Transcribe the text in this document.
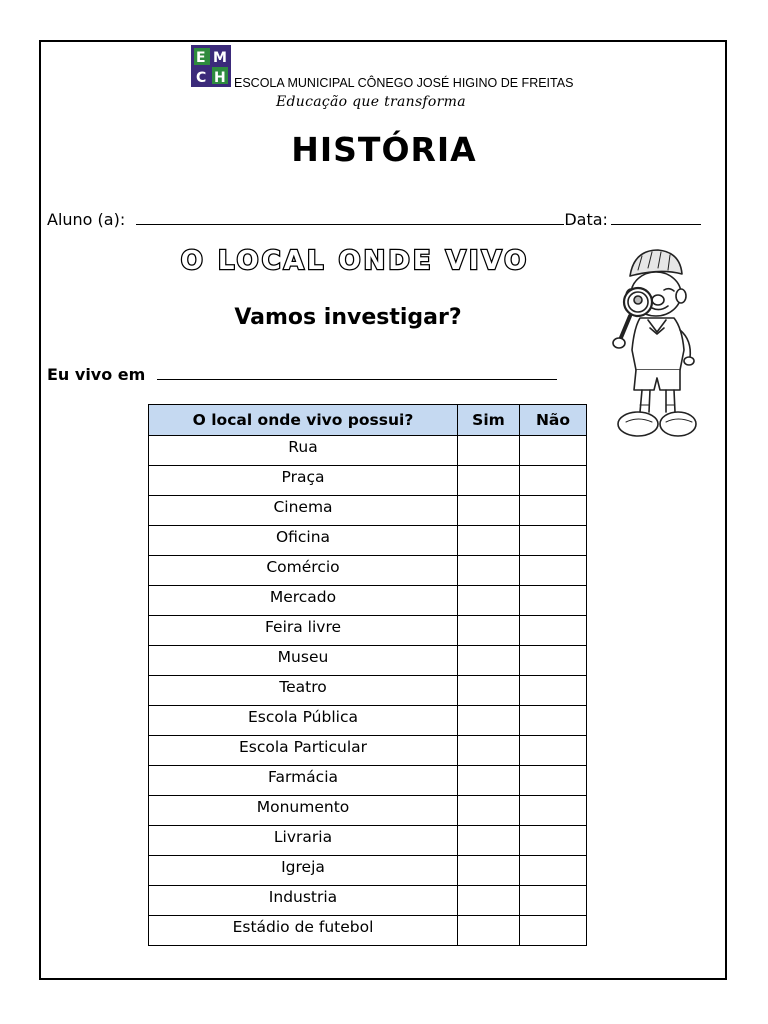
E M
C H ESCOLA MUNICIPAL CÔNEGO JOSÉ HIGINO DE FREITAS
Educação que transforma
HISTÓRIA
Aluno (a):	Data:
O LOCAL ONDE VIVO
Vamos investigar?
Eu vivo em
O local onde vivo possui?	Sim	Não
Rua		
Praça		
Cinema		
Oficina		
Comércio		
Mercado		
Feira livre		
Museu		
Teatro		
Escola Pública		
Escola Particular		
Farmácia		
Monumento		
Livraria		
Igreja		
Industria		
Estádio de futebol		
